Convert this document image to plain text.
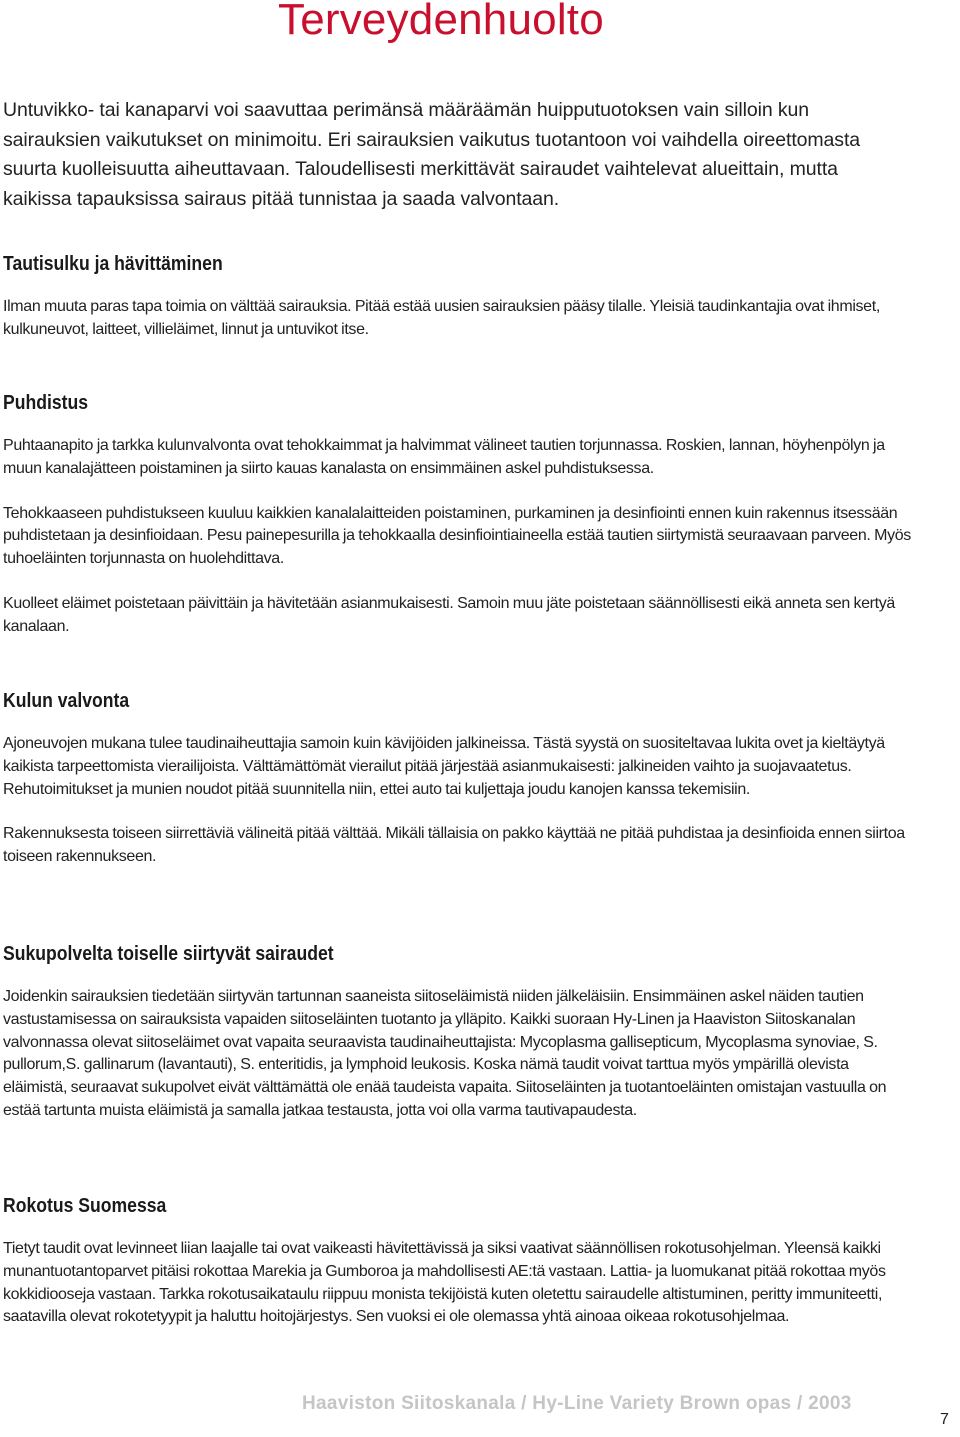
Terveydenhuolto

Untuvikko- tai kanaparvi voi saavuttaa perimänsä määräämän huipputuotoksen vain silloin kun sairauksien vaikutukset on minimoitu. Eri sairauksien vaikutus tuotantoon voi vaihdella oireettomasta suurta kuolleisuutta aiheuttavaan. Taloudellisesti merkittävät sairaudet vaihtelevat alueittain, mutta kaikissa tapauksissa sairaus pitää tunnistaa ja saada valvontaan.

Tautisulku ja hävittäminen

Ilman muuta paras tapa toimia on välttää sairauksia. Pitää estää uusien sairauksien pääsy tilalle. Yleisiä taudinkantajia ovat ihmiset, kulkuneuvot, laitteet, villieläimet, linnut ja untuvikot itse.

Puhdistus

Puhtaanapito ja tarkka kulunvalvonta ovat tehokkaimmat ja halvimmat välineet tautien torjunnassa. Roskien, lannan, höyhenpölyn ja muun kanalajätteen poistaminen ja siirto kauas kanalasta on ensimmäinen askel puhdistuksessa.

Tehokkaaseen puhdistukseen kuuluu kaikkien kanalalaitteiden poistaminen, purkaminen ja desinfiointi ennen kuin rakennus itsessään puhdistetaan ja desinfioidaan. Pesu painepesurilla ja tehokkaalla desinfiointiaineella estää tautien siirtymistä seuraavaan parveen. Myös tuhoeläinten torjunnasta on huolehdittava.

Kuolleet eläimet poistetaan päivittäin ja hävitetään asianmukaisesti. Samoin muu jäte poistetaan säännöllisesti eikä anneta sen kertyä kanalaan.

Kulun valvonta

Ajoneuvojen mukana tulee taudinaiheuttajia samoin kuin kävijöiden jalkineissa. Tästä syystä on suositeltavaa lukita ovet ja kieltäytyä kaikista tarpeettomista vierailijoista. Välttämättömät vierailut pitää järjestää asianmukaisesti: jalkineiden vaihto ja suojavaatetus. Rehutoimitukset ja munien noudot pitää suunnitella niin, ettei auto tai kuljettaja joudu kanojen kanssa tekemisiin.

Rakennuksesta toiseen siirrettäviä välineitä pitää välttää. Mikäli tällaisia on pakko käyttää ne pitää puhdistaa ja desinfioida ennen siirtoa toiseen rakennukseen.

Sukupolvelta toiselle siirtyvät sairaudet

Joidenkin sairauksien tiedetään siirtyvän tartunnan saaneista siitoseläimistä niiden jälkeläisiin. Ensimmäinen askel näiden tautien vastustamisessa on sairauksista vapaiden siitoseläinten tuotanto ja ylläpito. Kaikki suoraan Hy-Linen ja Haaviston Siitoskanalan valvonnassa olevat siitoseläimet ovat vapaita seuraavista taudinaiheuttajista: Mycoplasma gallisepticum, Mycoplasma synoviae, S. pullorum,S. gallinarum (lavantauti), S. enteritidis, ja lymphoid leukosis. Koska nämä taudit voivat tarttua myös ympärillä olevista eläimistä, seuraavat sukupolvet eivät välttämättä ole enää taudeista vapaita. Siitoseläinten ja tuotantoeläinten omistajan vastuulla on estää tartunta muista eläimistä ja samalla jatkaa testausta, jotta voi olla varma tautivapaudesta.

Rokotus Suomessa

Tietyt taudit ovat levinneet liian laajalle tai ovat vaikeasti hävitettävissä ja siksi vaativat säännöllisen rokotusohjelman. Yleensä kaikki munantuotantoparvet pitäisi rokottaa Marekia ja Gumboroa ja mahdollisesti AE:tä vastaan. Lattia- ja luomukanat pitää rokottaa myös kokkidiooseja vastaan. Tarkka rokotusaikataulu riippuu monista tekijöistä kuten oletettu sairaudelle altistuminen, peritty immuniteetti, saatavilla olevat rokotetyypit ja haluttu hoitojärjestys. Sen vuoksi ei ole olemassa yhtä ainoaa oikeaa rokotusohjelmaa.

Haaviston Siitoskanala / Hy-Line Variety Brown opas / 2003

7
